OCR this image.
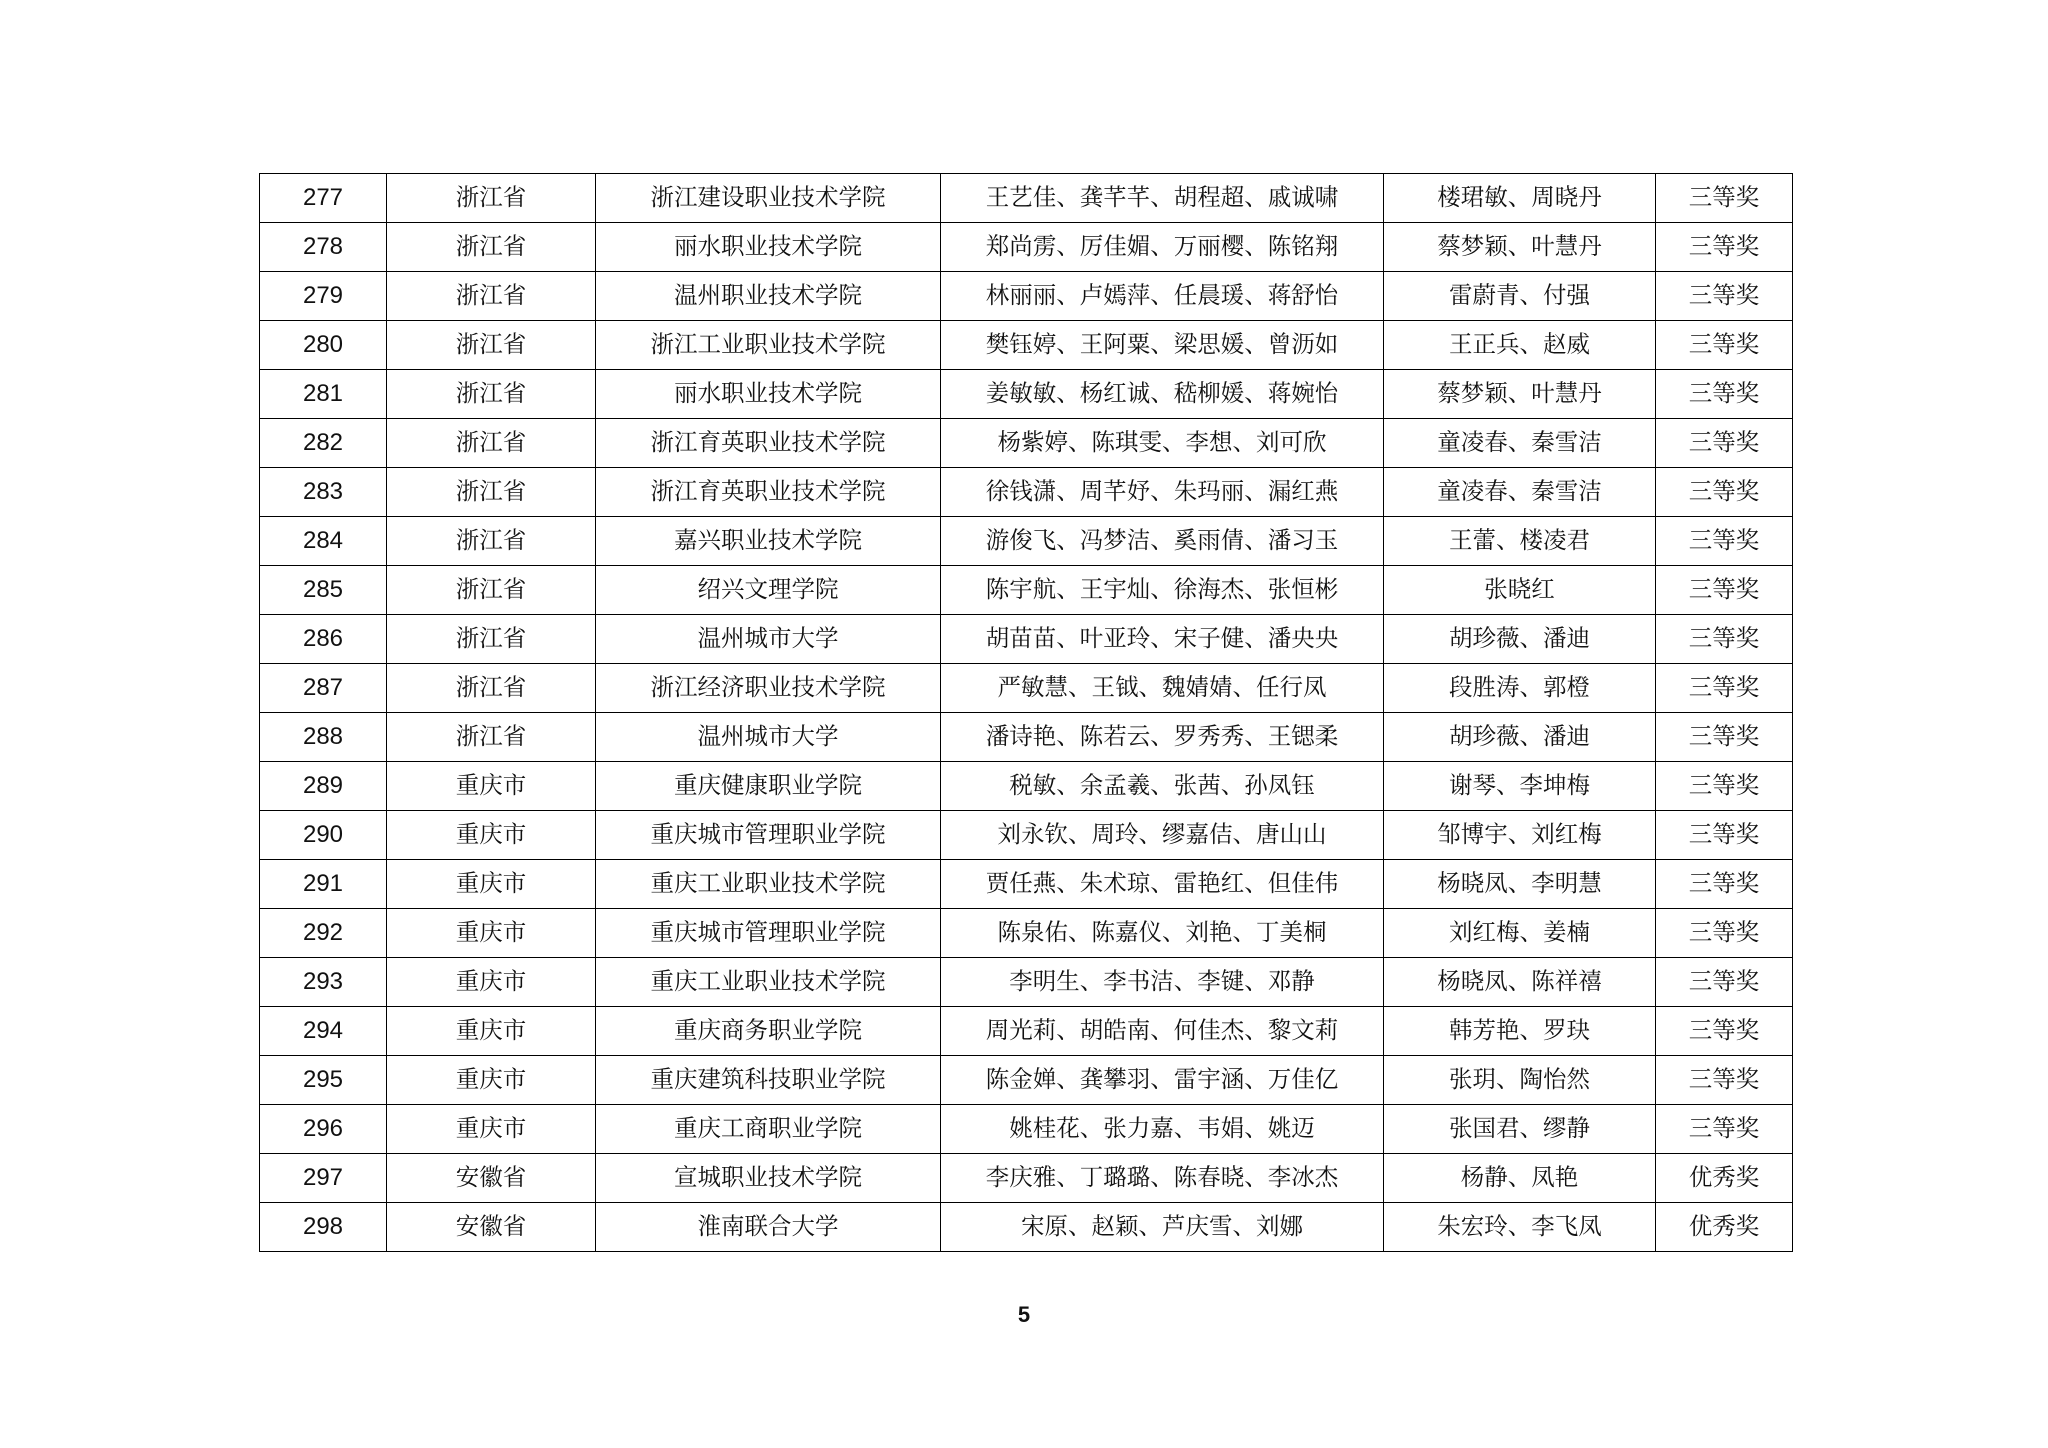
277	浙江省	浙江建设职业技术学院	王艺佳、龚芊芊、胡程超、戚诚啸	楼珺敏、周晓丹	三等奖
278	浙江省	丽水职业技术学院	郑尚雳、厉佳媚、万丽樱、陈铭翔	蔡梦颖、叶慧丹	三等奖
279	浙江省	温州职业技术学院	林丽丽、卢嫣萍、任晨瑗、蒋舒怡	雷蔚青、付强	三等奖
280	浙江省	浙江工业职业技术学院	樊钰婷、王阿粟、梁思媛、曾沥如	王正兵、赵威	三等奖
281	浙江省	丽水职业技术学院	姜敏敏、杨红诚、嵇柳媛、蒋婉怡	蔡梦颖、叶慧丹	三等奖
282	浙江省	浙江育英职业技术学院	杨紫婷、陈琪雯、李想、刘可欣	童凌春、秦雪洁	三等奖
283	浙江省	浙江育英职业技术学院	徐钱潇、周芊妤、朱玛丽、漏红燕	童凌春、秦雪洁	三等奖
284	浙江省	嘉兴职业技术学院	游俊飞、冯梦洁、奚雨倩、潘习玉	王蕾、楼凌君	三等奖
285	浙江省	绍兴文理学院	陈宇航、王宇灿、徐海杰、张恒彬	张晓红	三等奖
286	浙江省	温州城市大学	胡苗苗、叶亚玲、宋子健、潘央央	胡珍薇、潘迪	三等奖
287	浙江省	浙江经济职业技术学院	严敏慧、王钺、魏婧婧、任行凤	段胜涛、郭橙	三等奖
288	浙江省	温州城市大学	潘诗艳、陈若云、罗秀秀、王锶柔	胡珍薇、潘迪	三等奖
289	重庆市	重庆健康职业学院	税敏、余孟羲、张茜、孙凤钰	谢琴、李坤梅	三等奖
290	重庆市	重庆城市管理职业学院	刘永钦、周玲、缪嘉佶、唐山山	邹博宇、刘红梅	三等奖
291	重庆市	重庆工业职业技术学院	贾任燕、朱术琼、雷艳红、但佳伟	杨晓凤、李明慧	三等奖
292	重庆市	重庆城市管理职业学院	陈泉佑、陈嘉仪、刘艳、丁美桐	刘红梅、姜楠	三等奖
293	重庆市	重庆工业职业技术学院	李明生、李书洁、李键、邓静	杨晓凤、陈祥禧	三等奖
294	重庆市	重庆商务职业学院	周光莉、胡皓南、何佳杰、黎文莉	韩芳艳、罗玦	三等奖
295	重庆市	重庆建筑科技职业学院	陈金婵、龚攀羽、雷宇涵、万佳亿	张玥、陶怡然	三等奖
296	重庆市	重庆工商职业学院	姚桂花、张力嘉、韦娟、姚迈	张国君、缪静	三等奖
297	安徽省	宣城职业技术学院	李庆雅、丁璐璐、陈春晓、李冰杰	杨静、凤艳	优秀奖
298	安徽省	淮南联合大学	宋原、赵颖、芦庆雪、刘娜	朱宏玲、李飞凤	优秀奖
5
